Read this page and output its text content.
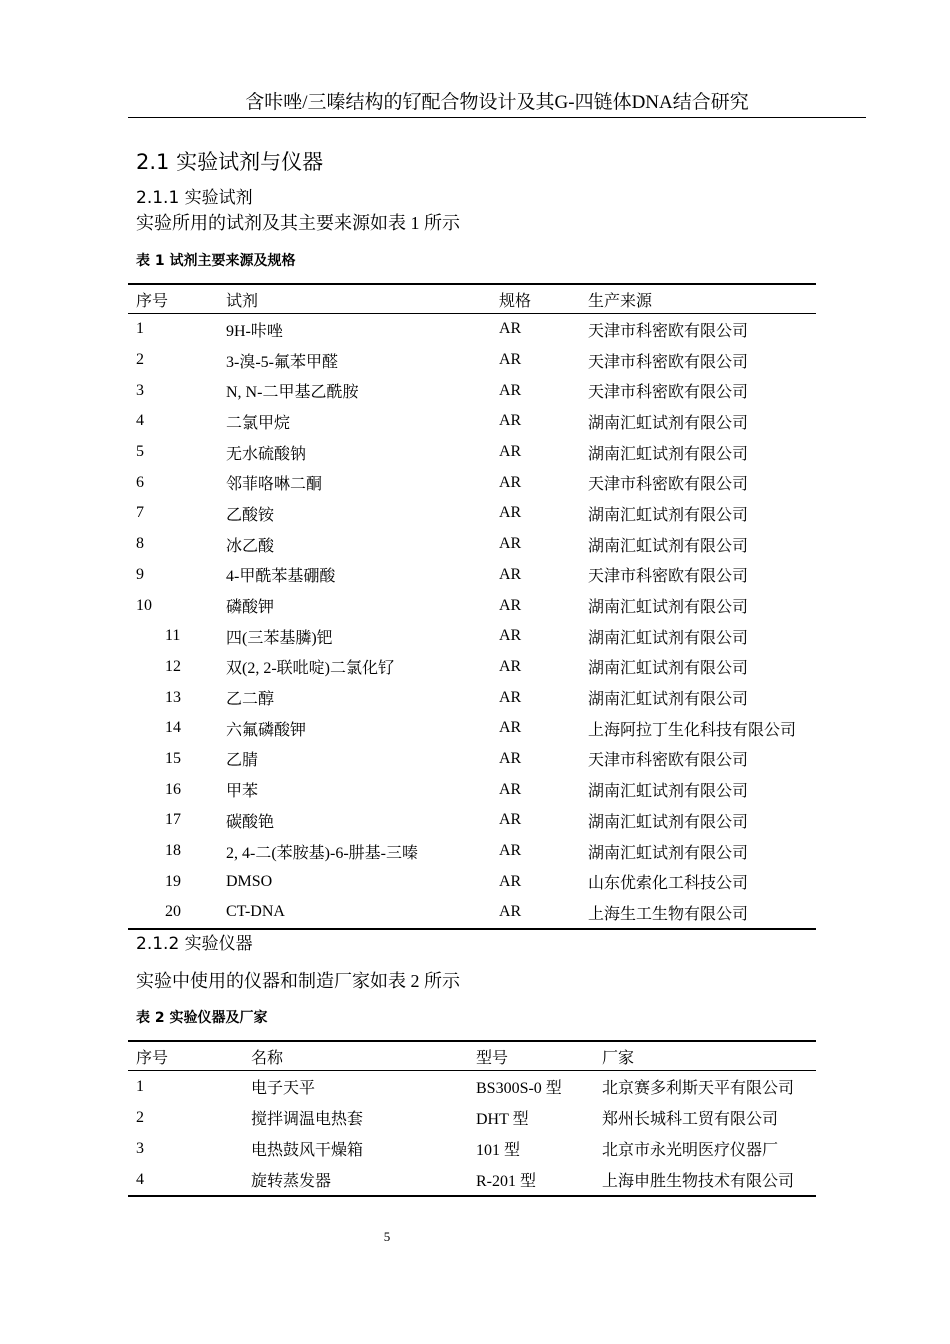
含咔唑/三嗪结构的钌配合物设计及其G-四链体DNA结合研究
2.1 实验试剂与仪器
2.1.1 实验试剂
实验所用的试剂及其主要来源如表 1 所示
表 1 试剂主要来源及规格
序号	试剂	规格	生产来源
1	9H-咔唑	AR	天津市科密欧有限公司
2	3-溴-5-氟苯甲醛	AR	天津市科密欧有限公司
3	N, N-二甲基乙酰胺	AR	天津市科密欧有限公司
4	二氯甲烷	AR	湖南汇虹试剂有限公司
5	无水硫酸钠	AR	湖南汇虹试剂有限公司
6	邻菲咯啉二酮	AR	天津市科密欧有限公司
7	乙酸铵	AR	湖南汇虹试剂有限公司
8	冰乙酸	AR	湖南汇虹试剂有限公司
9	4-甲酰苯基硼酸	AR	天津市科密欧有限公司
10	磷酸钾	AR	湖南汇虹试剂有限公司
11	四(三苯基膦)钯	AR	湖南汇虹试剂有限公司
12	双(2, 2-联吡啶)二氯化钌	AR	湖南汇虹试剂有限公司
13	乙二醇	AR	湖南汇虹试剂有限公司
14	六氟磷酸钾	AR	上海阿拉丁生化科技有限公司
15	乙腈	AR	天津市科密欧有限公司
16	甲苯	AR	湖南汇虹试剂有限公司
17	碳酸铯	AR	湖南汇虹试剂有限公司
18	2, 4-二(苯胺基)-6-肼基-三嗪	AR	湖南汇虹试剂有限公司
19	DMSO	AR	山东优索化工科技公司
20	CT-DNA	AR	上海生工生物有限公司
2.1.2 实验仪器
实验中使用的仪器和制造厂家如表 2 所示
表 2 实验仪器及厂家
序号	名称	型号	厂家
1	电子天平	BS300S-0 型	北京赛多利斯天平有限公司
2	搅拌调温电热套	DHT 型	郑州长城科工贸有限公司
3	电热鼓风干燥箱	101 型	北京市永光明医疗仪器厂
4	旋转蒸发器	R-201 型	上海申胜生物技术有限公司
5
